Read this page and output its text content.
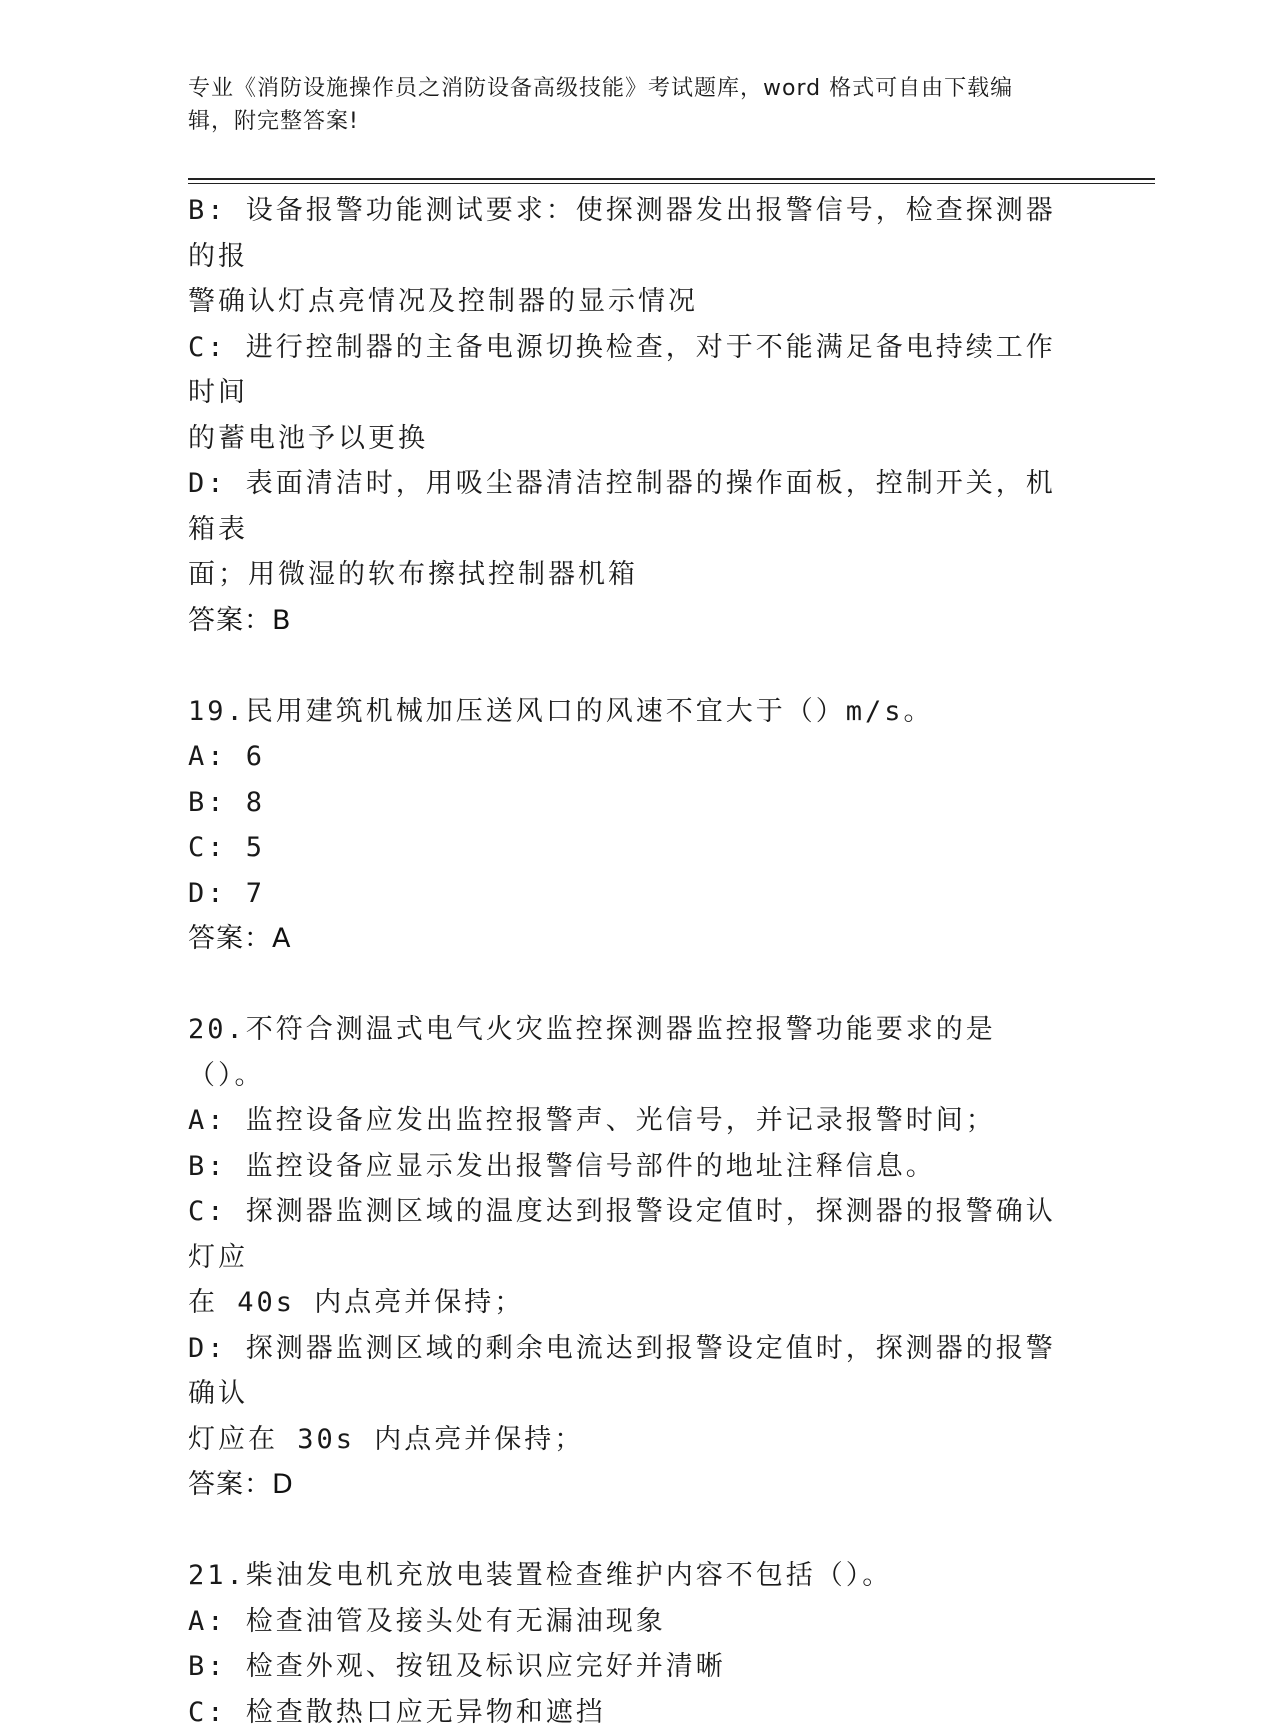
专业《消防设施操作员之消防设备高级技能》考试题库，word 格式可自由下载编
辑，附完整答案!
B: 设备报警功能测试要求：使探测器发出报警信号，检查探测器的报
警确认灯点亮情况及控制器的显示情况
C: 进行控制器的主备电源切换检查，对于不能满足备电持续工作时间
的蓄电池予以更换
D: 表面清洁时，用吸尘器清洁控制器的操作面板，控制开关，机箱表
面；用微湿的软布擦拭控制器机箱
答案：B
19.民用建筑机械加压送风口的风速不宜大于（）m/s。
A: 6
B: 8
C: 5
D: 7
答案：A
20.不符合测温式电气火灾监控探测器监控报警功能要求的是（）。
A: 监控设备应发出监控报警声、光信号，并记录报警时间；
B: 监控设备应显示发出报警信号部件的地址注释信息。
C: 探测器监测区域的温度达到报警设定值时，探测器的报警确认灯应
在 40s 内点亮并保持；
D: 探测器监测区域的剩余电流达到报警设定值时，探测器的报警确认
灯应在 30s 内点亮并保持；
答案：D
21.柴油发电机充放电装置检查维护内容不包括（）。
A: 检查油管及接头处有无漏油现象
B: 检查外观、按钮及标识应完好并清晰
C: 检查散热口应无异物和遮挡
